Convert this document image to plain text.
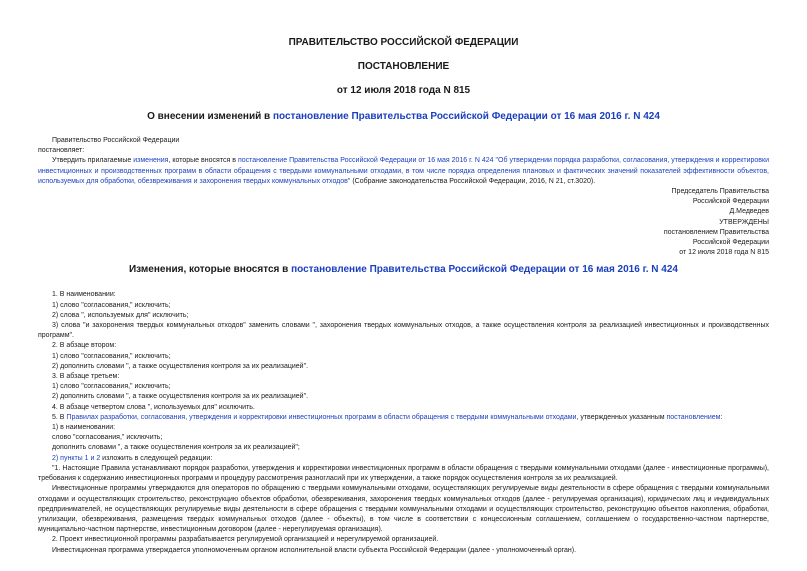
ПРАВИТЕЛЬСТВО РОССИЙСКОЙ ФЕДЕРАЦИИ
ПОСТАНОВЛЕНИЕ
от 12 июля 2018 года N 815
О внесении изменений в постановление Правительства Российской Федерации от 16 мая 2016 г. N 424
Правительство Российской Федерации
постановляет:
Утвердить прилагаемые изменения, которые вносятся в постановление Правительства Российской Федерации от 16 мая 2016 г. N 424 "Об утверждении порядка разработки, согласования, утверждения и корректировки инвестиционных и производственных программ в области обращения с твердыми коммунальными отходами, в том числе порядка определения плановых и фактических значений показателей эффективности объектов, используемых для обработки, обезвреживания и захоронения твердых коммунальных отходов" (Собрание законодательства Российской Федерации, 2016, N 21, ст.3020).
Председатель Правительства
Российской Федерации
Д.Медведев
УТВЕРЖДЕНЫ
постановлением Правительства
Российской Федерации
от 12 июля 2018 года N 815
Изменения, которые вносятся в постановление Правительства Российской Федерации от 16 мая 2016 г. N 424
1. В наименовании:
1) слово "согласования," исключить;
2) слова ", используемых для" исключить;
3) слова "и захоронения твердых коммунальных отходов" заменить словами ", захоронения твердых коммунальных отходов, а также осуществления контроля за реализацией инвестиционных и производственных программ".
2. В абзаце втором:
1) слово "согласования," исключить;
2) дополнить словами ", а также осуществления контроля за их реализацией".
3. В абзаце третьем:
1) слово "согласования," исключить;
2) дополнить словами ", а также осуществления контроля за их реализацией".
4. В абзаце четвертом слова ", используемых для" исключить.
5. В Правилах разработки, согласования, утверждения и корректировки инвестиционных программ в области обращения с твердыми коммунальными отходами, утвержденных указанным постановлением:
1) в наименовании:
слово "согласования," исключить;
дополнить словами ", а также осуществления контроля за их реализацией";
2) пункты 1 и 2 изложить в следующей редакции:
"1. Настоящие Правила устанавливают порядок разработки, утверждения и корректировки инвестиционных программ в области обращения с твердыми коммунальными отходами (далее - инвестиционные программы), требования к содержанию инвестиционных программ и процедуру рассмотрения разногласий при их утверждении, а также порядок осуществления контроля за их реализацией.
Инвестиционные программы утверждаются для операторов по обращению с твердыми коммунальными отходами, осуществляющих регулируемые виды деятельности в сфере обращения с твердыми коммунальными отходами и осуществляющих строительство, реконструкцию объектов обработки, обезвреживания, захоронения твердых коммунальных отходов (далее - регулируемая организация), юридических лиц и индивидуальных предпринимателей, не осуществляющих регулируемые виды деятельности в сфере обращения с твердыми коммунальными отходами и осуществляющих строительство, реконструкцию объектов накопления, обработки, утилизации, обезвреживания, размещения твердых коммунальных отходов (далее - объекты), в том числе в соответствии с концессионным соглашением, соглашением о государственно-частном партнерстве, муниципально-частном партнерстве, инвестиционным договором (далее - нерегулируемая организация).
2. Проект инвестиционной программы разрабатывается регулируемой организацией и нерегулируемой организацией.
Инвестиционная программа утверждается уполномоченным органом исполнительной власти субъекта Российской Федерации (далее - уполномоченный орган).
